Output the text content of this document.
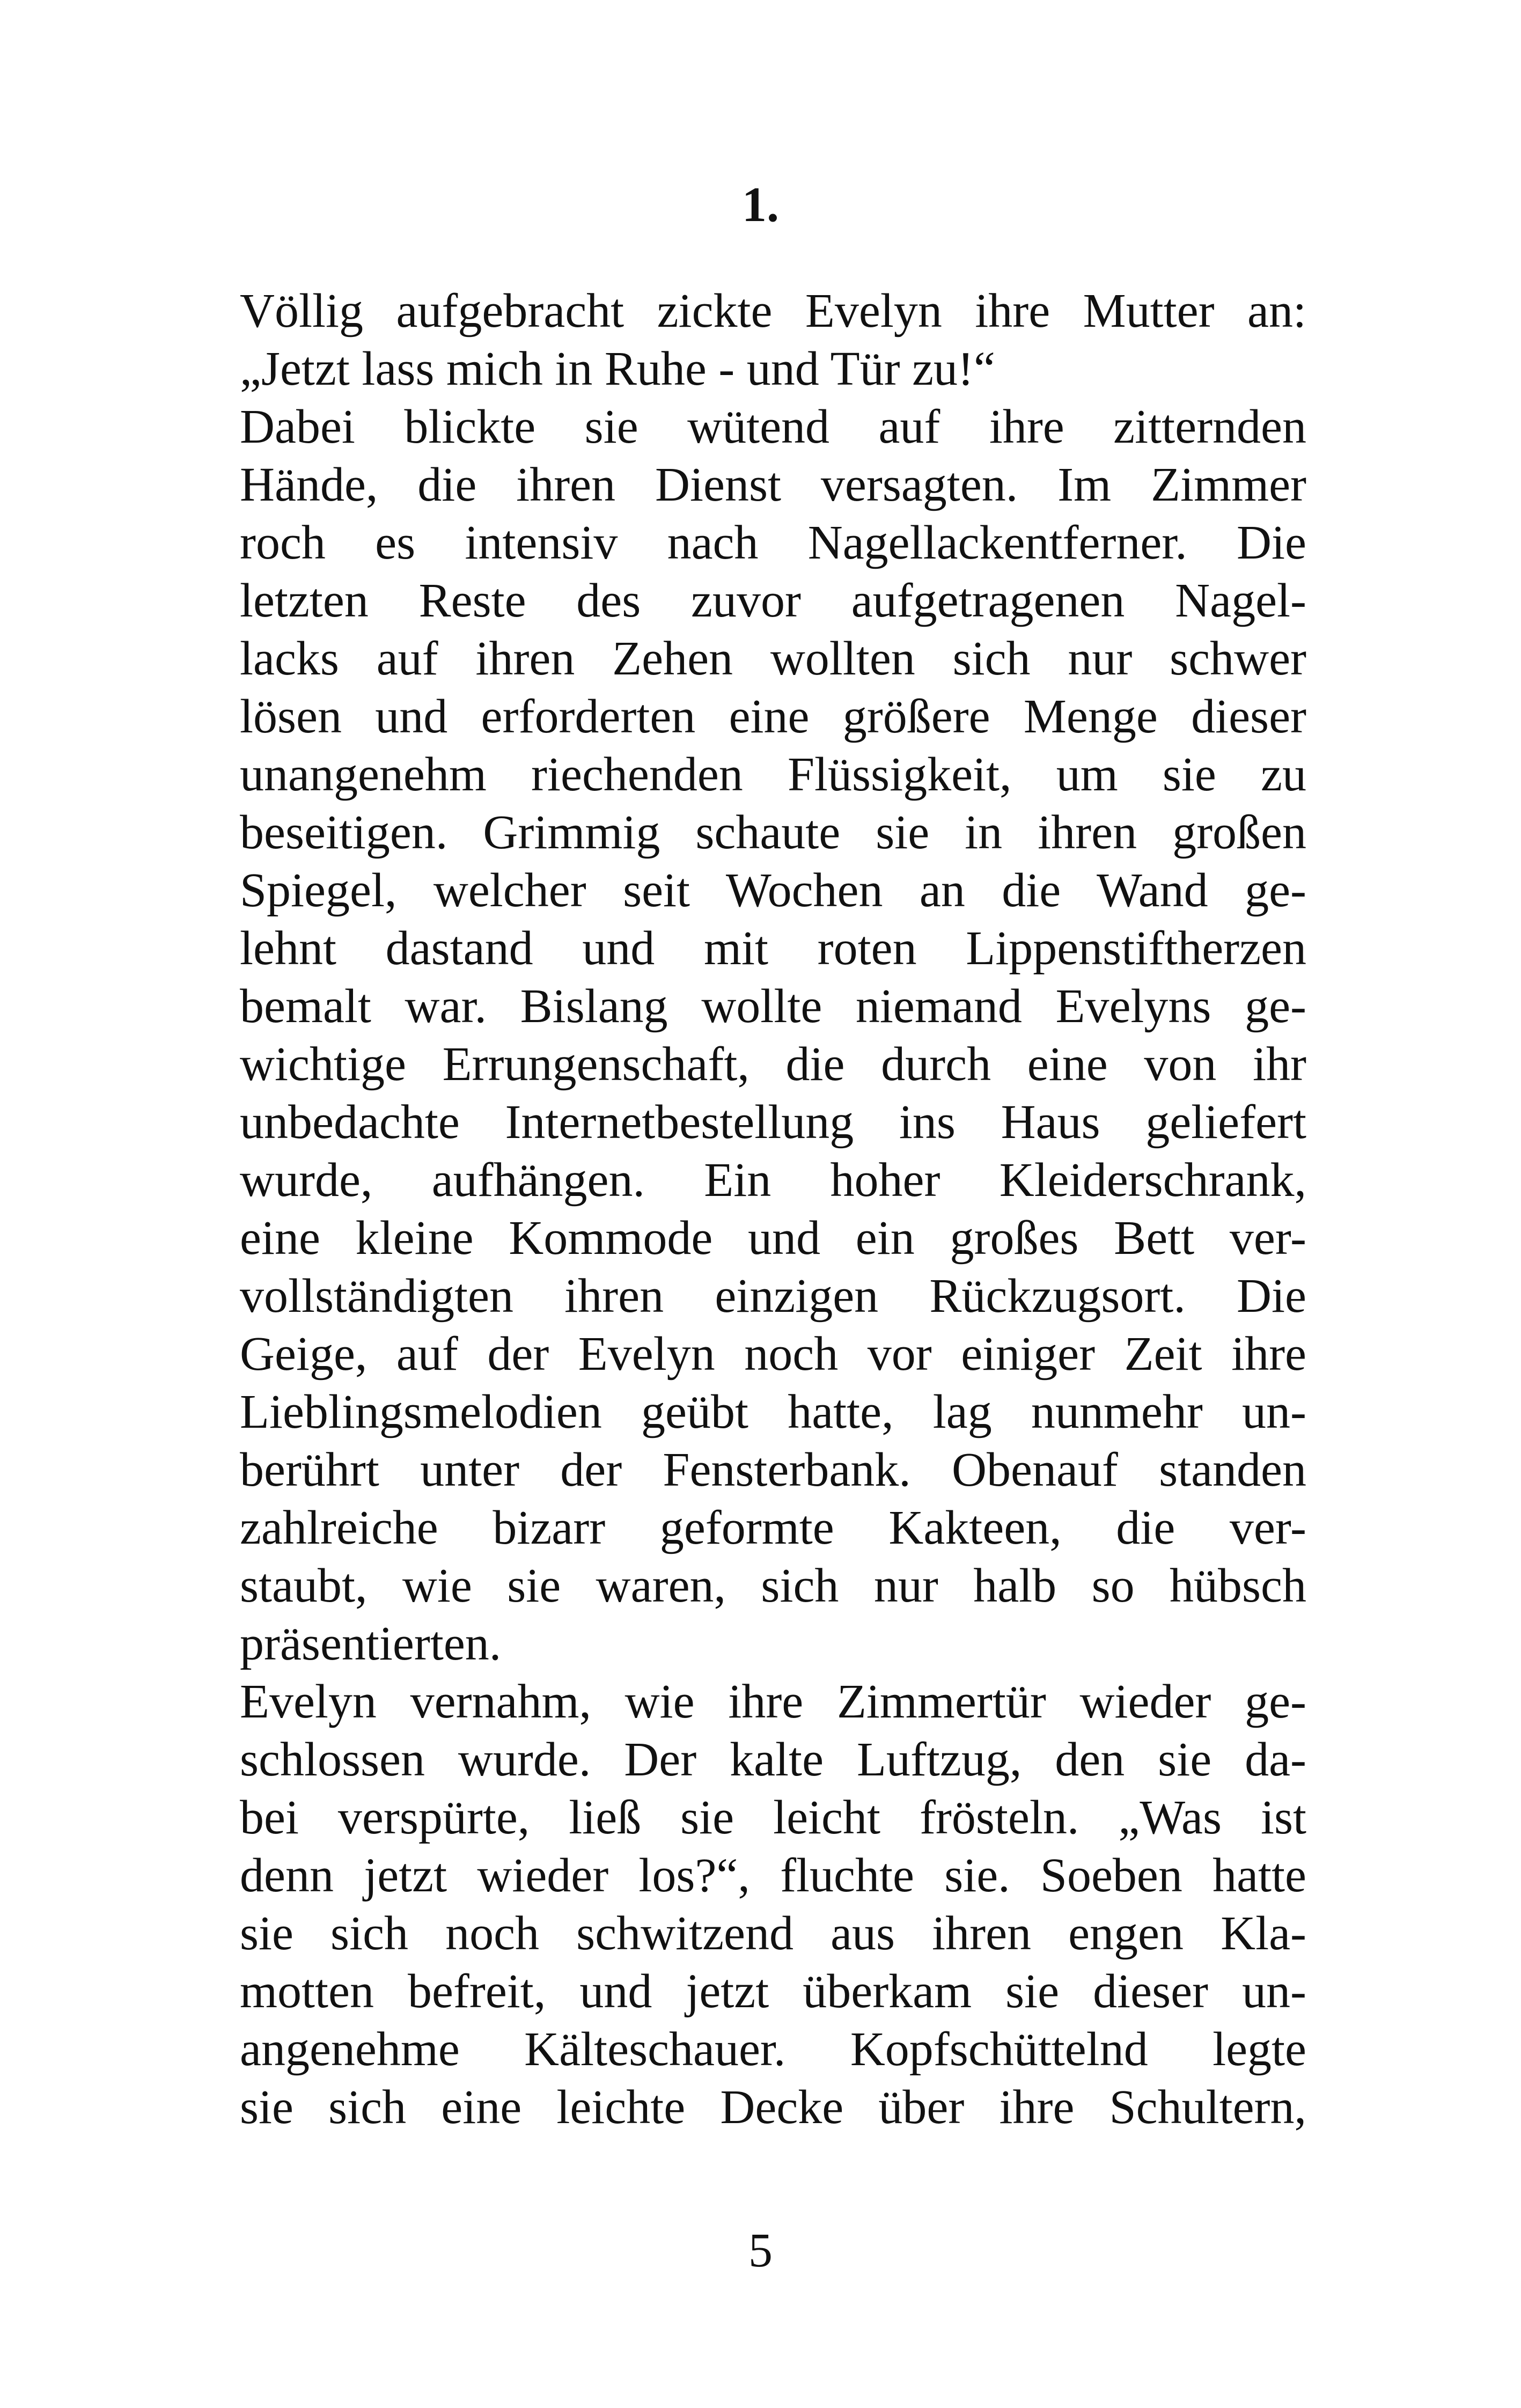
1.
Völlig aufgebracht zickte Evelyn ihre Mutter an:
„Jetzt lass mich in Ruhe - und Tür zu!“
Dabei blickte sie wütend auf ihre zitternden
Hände, die ihren Dienst versagten. Im Zimmer
roch es intensiv nach Nagellackentferner. Die
letzten Reste des zuvor aufgetragenen Nagel-
lacks auf ihren Zehen wollten sich nur schwer
lösen und erforderten eine größere Menge dieser
unangenehm riechenden Flüssigkeit, um sie zu
beseitigen. Grimmig schaute sie in ihren großen
Spiegel, welcher seit Wochen an die Wand ge-
lehnt dastand und mit roten Lippenstiftherzen
bemalt war. Bislang wollte niemand Evelyns ge-
wichtige Errungenschaft, die durch eine von ihr
unbedachte Internetbestellung ins Haus geliefert
wurde, aufhängen. Ein hoher Kleiderschrank,
eine kleine Kommode und ein großes Bett ver-
vollständigten ihren einzigen Rückzugsort. Die
Geige, auf der Evelyn noch vor einiger Zeit ihre
Lieblingsmelodien geübt hatte, lag nunmehr un-
berührt unter der Fensterbank. Obenauf standen
zahlreiche bizarr geformte Kakteen, die ver-
staubt, wie sie waren, sich nur halb so hübsch
präsentierten.
Evelyn vernahm, wie ihre Zimmertür wieder ge-
schlossen wurde. Der kalte Luftzug, den sie da-
bei verspürte, ließ sie leicht frösteln. „Was ist
denn jetzt wieder los?“, fluchte sie. Soeben hatte
sie sich noch schwitzend aus ihren engen Kla-
motten befreit, und jetzt überkam sie dieser un-
angenehme Kälteschauer. Kopfschüttelnd legte
sie sich eine leichte Decke über ihre Schultern,
5
